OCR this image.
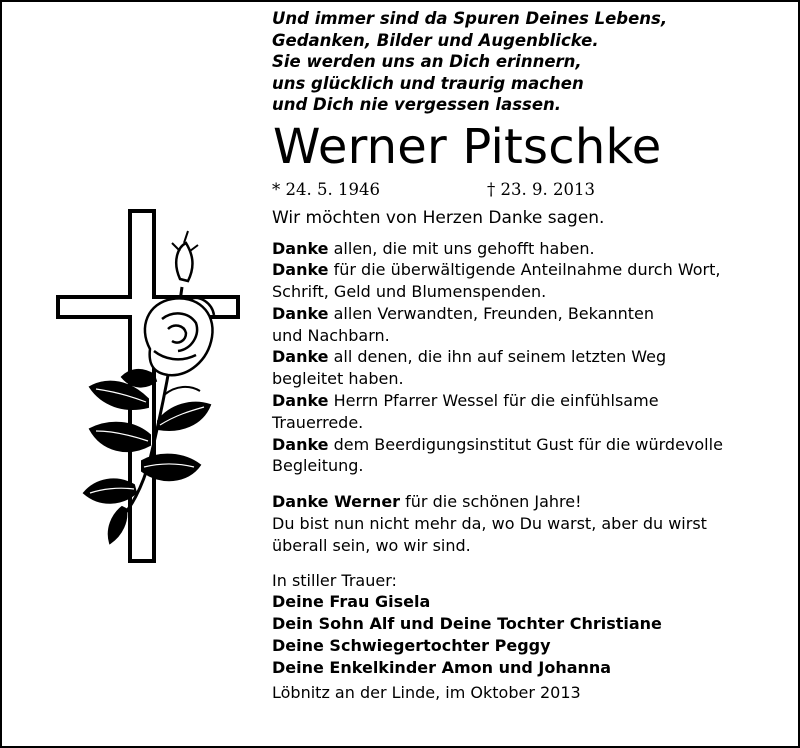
Und immer sind da Spuren Deines Lebens,
Gedanken, Bilder und Augenblicke.
Sie werden uns an Dich erinnern,
uns glücklich und traurig machen
und Dich nie vergessen lassen.
Werner Pitschke
* 24. 5. 1946	† 23. 9. 2013
Wir möchten von Herzen Danke sagen.
Danke allen, die mit uns gehofft haben.
Danke für die überwältigende Anteilnahme durch Wort,
Schrift, Geld und Blumenspenden.
Danke allen Verwandten, Freunden, Bekannten
und Nachbarn.
Danke all denen, die ihn auf seinem letzten Weg
begleitet haben.
Danke Herrn Pfarrer Wessel für die einfühlsame
Trauerrede.
Danke dem Beerdigungsinstitut Gust für die würdevolle
Begleitung.
Danke Werner für die schönen Jahre!
Du bist nun nicht mehr da, wo Du warst, aber du wirst
überall sein, wo wir sind.
In stiller Trauer:
Deine Frau Gisela
Dein Sohn Alf und Deine Tochter Christiane
Deine Schwiegertochter Peggy
Deine Enkelkinder Amon und Johanna
Löbnitz an der Linde, im Oktober 2013
